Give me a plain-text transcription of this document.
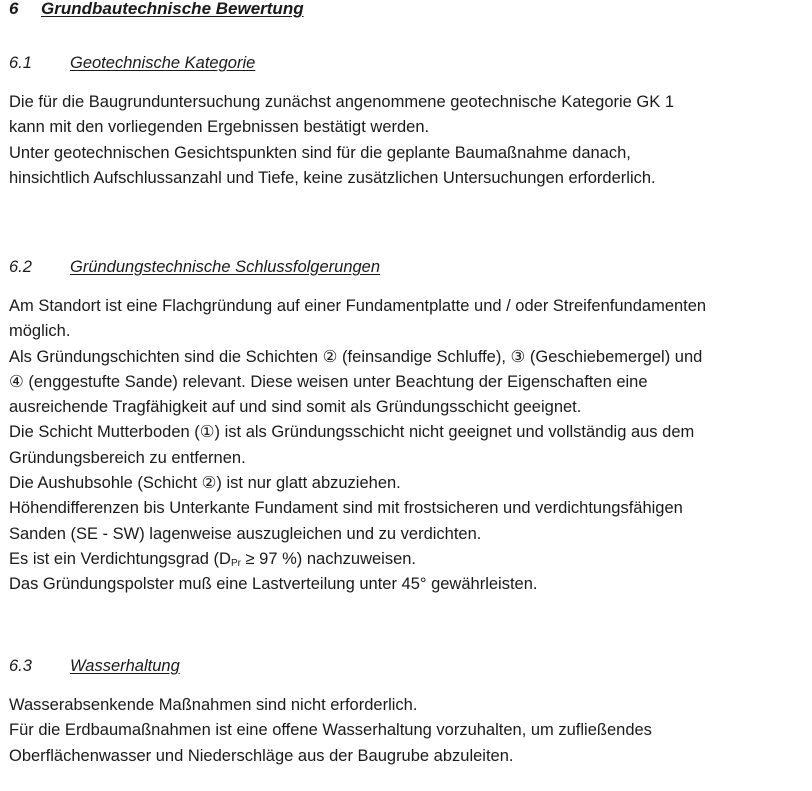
6 Grundbautechnische Bewertung
6.1 Geotechnische Kategorie
Die für die Baugrunduntersuchung zunächst angenommene geotechnische Kategorie GK 1
kann mit den vorliegenden Ergebnissen bestätigt werden.
Unter geotechnischen Gesichtspunkten sind für die geplante Baumaßnahme danach,
hinsichtlich Aufschlussanzahl und Tiefe, keine zusätzlichen Untersuchungen erforderlich.
6.2 Gründungstechnische Schlussfolgerungen
Am Standort ist eine Flachgründung auf einer Fundamentplatte und / oder Streifenfundamenten
möglich.
Als Gründungschichten sind die Schichten ② (feinsandige Schluffe), ③ (Geschiebemergel) und
④ (enggestufte Sande) relevant. Diese weisen unter Beachtung der Eigenschaften eine
ausreichende Tragfähigkeit auf und sind somit als Gründungsschicht geeignet.
Die Schicht Mutterboden (①) ist als Gründungsschicht nicht geeignet und vollständig aus dem
Gründungsbereich zu entfernen.
Die Aushubsohle (Schicht ②) ist nur glatt abzuziehen.
Höhendifferenzen bis Unterkante Fundament sind mit frostsicheren und verdichtungsfähigen
Sanden (SE - SW) lagenweise auszugleichen und zu verdichten.
Es ist ein Verdichtungsgrad ($D_{Pr} \ge 97$ %) nachzuweisen.
Das Gründungspolster muß eine Lastverteilung unter 45° gewährleisten.
6.3 Wasserhaltung
Wasserabsenkende Maßnahmen sind nicht erforderlich.
Für die Erdbaumaßnahmen ist eine offene Wasserhaltung vorzuhalten, um zufließendes
Oberflächenwasser und Niederschläge aus der Baugrube abzuleiten.
